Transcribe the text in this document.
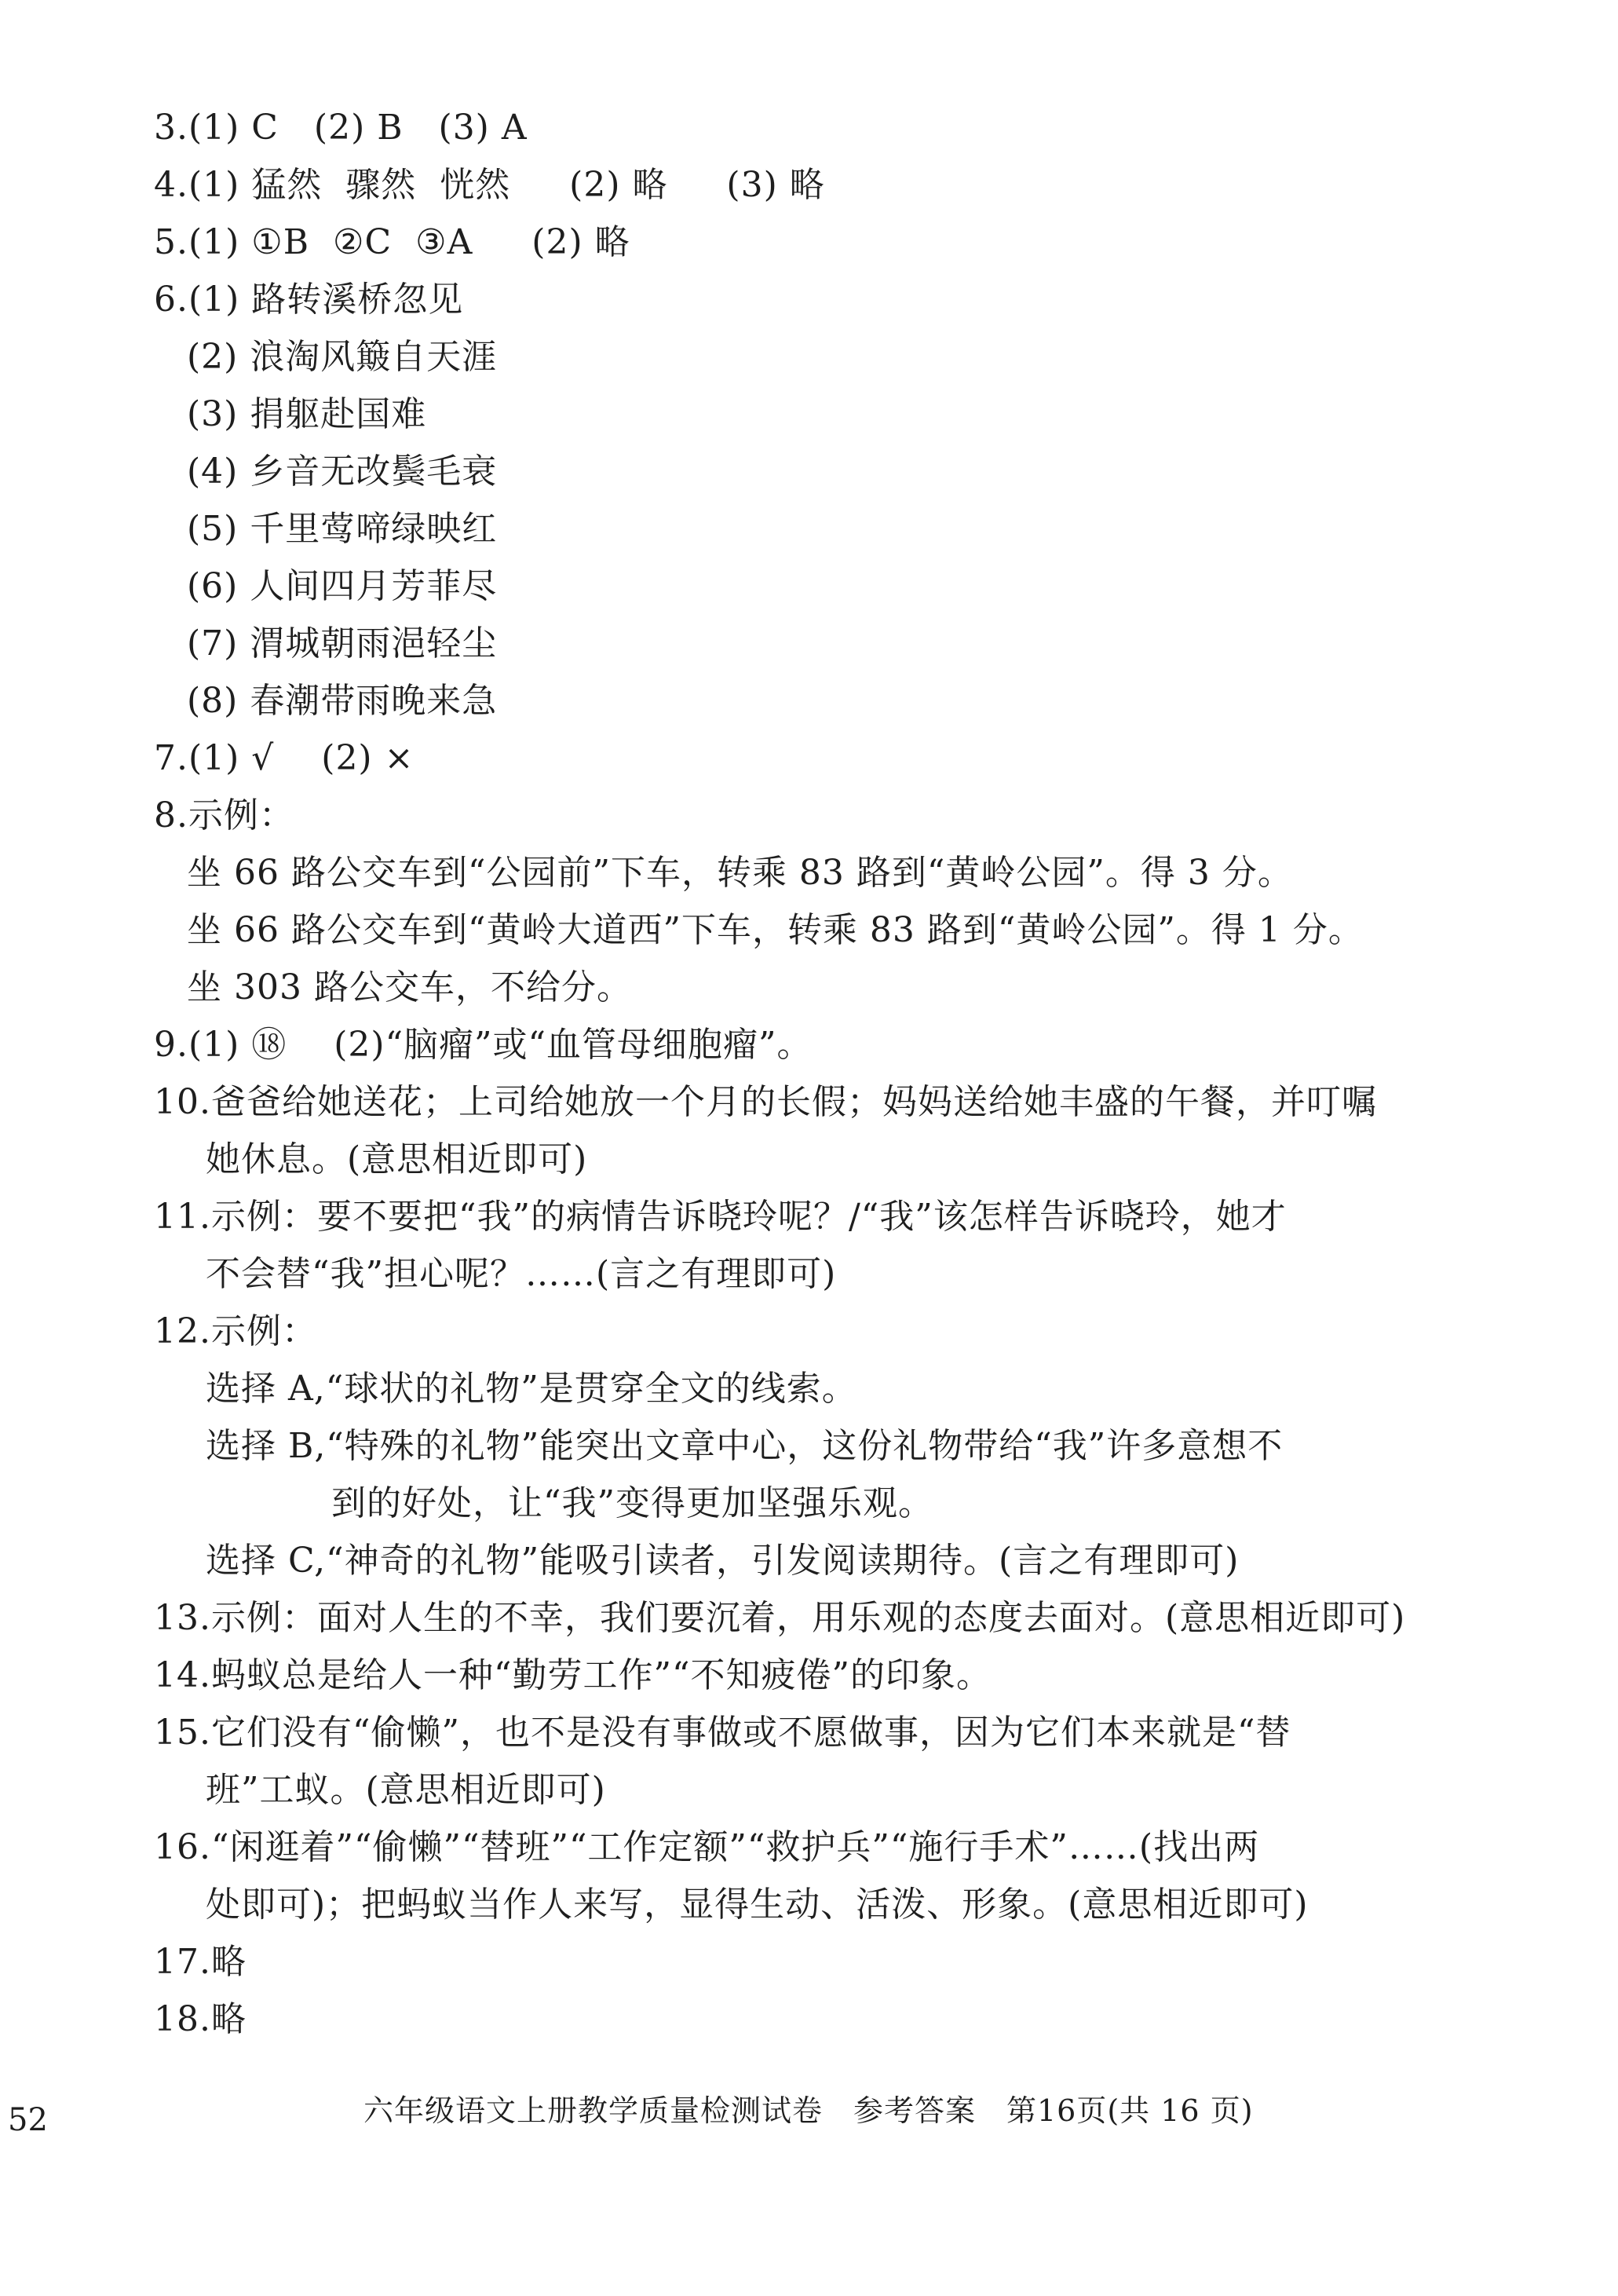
3.(1) C   (2) B   (3) A
4.(1) 猛然  骤然  恍然     (2) 略     (3) 略
5.(1) ①B  ②C  ③A     (2) 略
6.(1) 路转溪桥忽见
(2) 浪淘风簸自天涯
(3) 捐躯赴国难
(4) 乡音无改鬓毛衰
(5) 千里莺啼绿映红
(6) 人间四月芳菲尽
(7) 渭城朝雨浥轻尘
(8) 春潮带雨晚来急
7.(1) √    (2) ×
8.示例：
坐 66 路公交车到“公园前”下车，转乘 83 路到“黄岭公园”。得 3 分。
坐 66 路公交车到“黄岭大道西”下车，转乘 83 路到“黄岭公园”。得 1 分。
坐 303 路公交车，不给分。
9.(1) ⑱    (2)“脑瘤”或“血管母细胞瘤”。
10.爸爸给她送花；上司给她放一个月的长假；妈妈送给她丰盛的午餐，并叮嘱
她休息。(意思相近即可)
11.示例：要不要把“我”的病情告诉晓玲呢？/“我”该怎样告诉晓玲，她才
不会替“我”担心呢？……(言之有理即可)
12.示例：
选择 A,“球状的礼物”是贯穿全文的线索。
选择 B,“特殊的礼物”能突出文章中心，这份礼物带给“我”许多意想不
到的好处，让“我”变得更加坚强乐观。
选择 C,“神奇的礼物”能吸引读者，引发阅读期待。(言之有理即可)
13.示例：面对人生的不幸，我们要沉着，用乐观的态度去面对。(意思相近即可)
14.蚂蚁总是给人一种“勤劳工作”“不知疲倦”的印象。
15.它们没有“偷懒”，也不是没有事做或不愿做事，因为它们本来就是“替
班”工蚁。(意思相近即可)
16.“闲逛着”“偷懒”“替班”“工作定额”“救护兵”“施行手术”……(找出两
处即可)；把蚂蚁当作人来写，显得生动、活泼、形象。(意思相近即可)
17.略
18.略
52	六年级语文上册教学质量检测试卷　参考答案　第16页(共 16 页)
